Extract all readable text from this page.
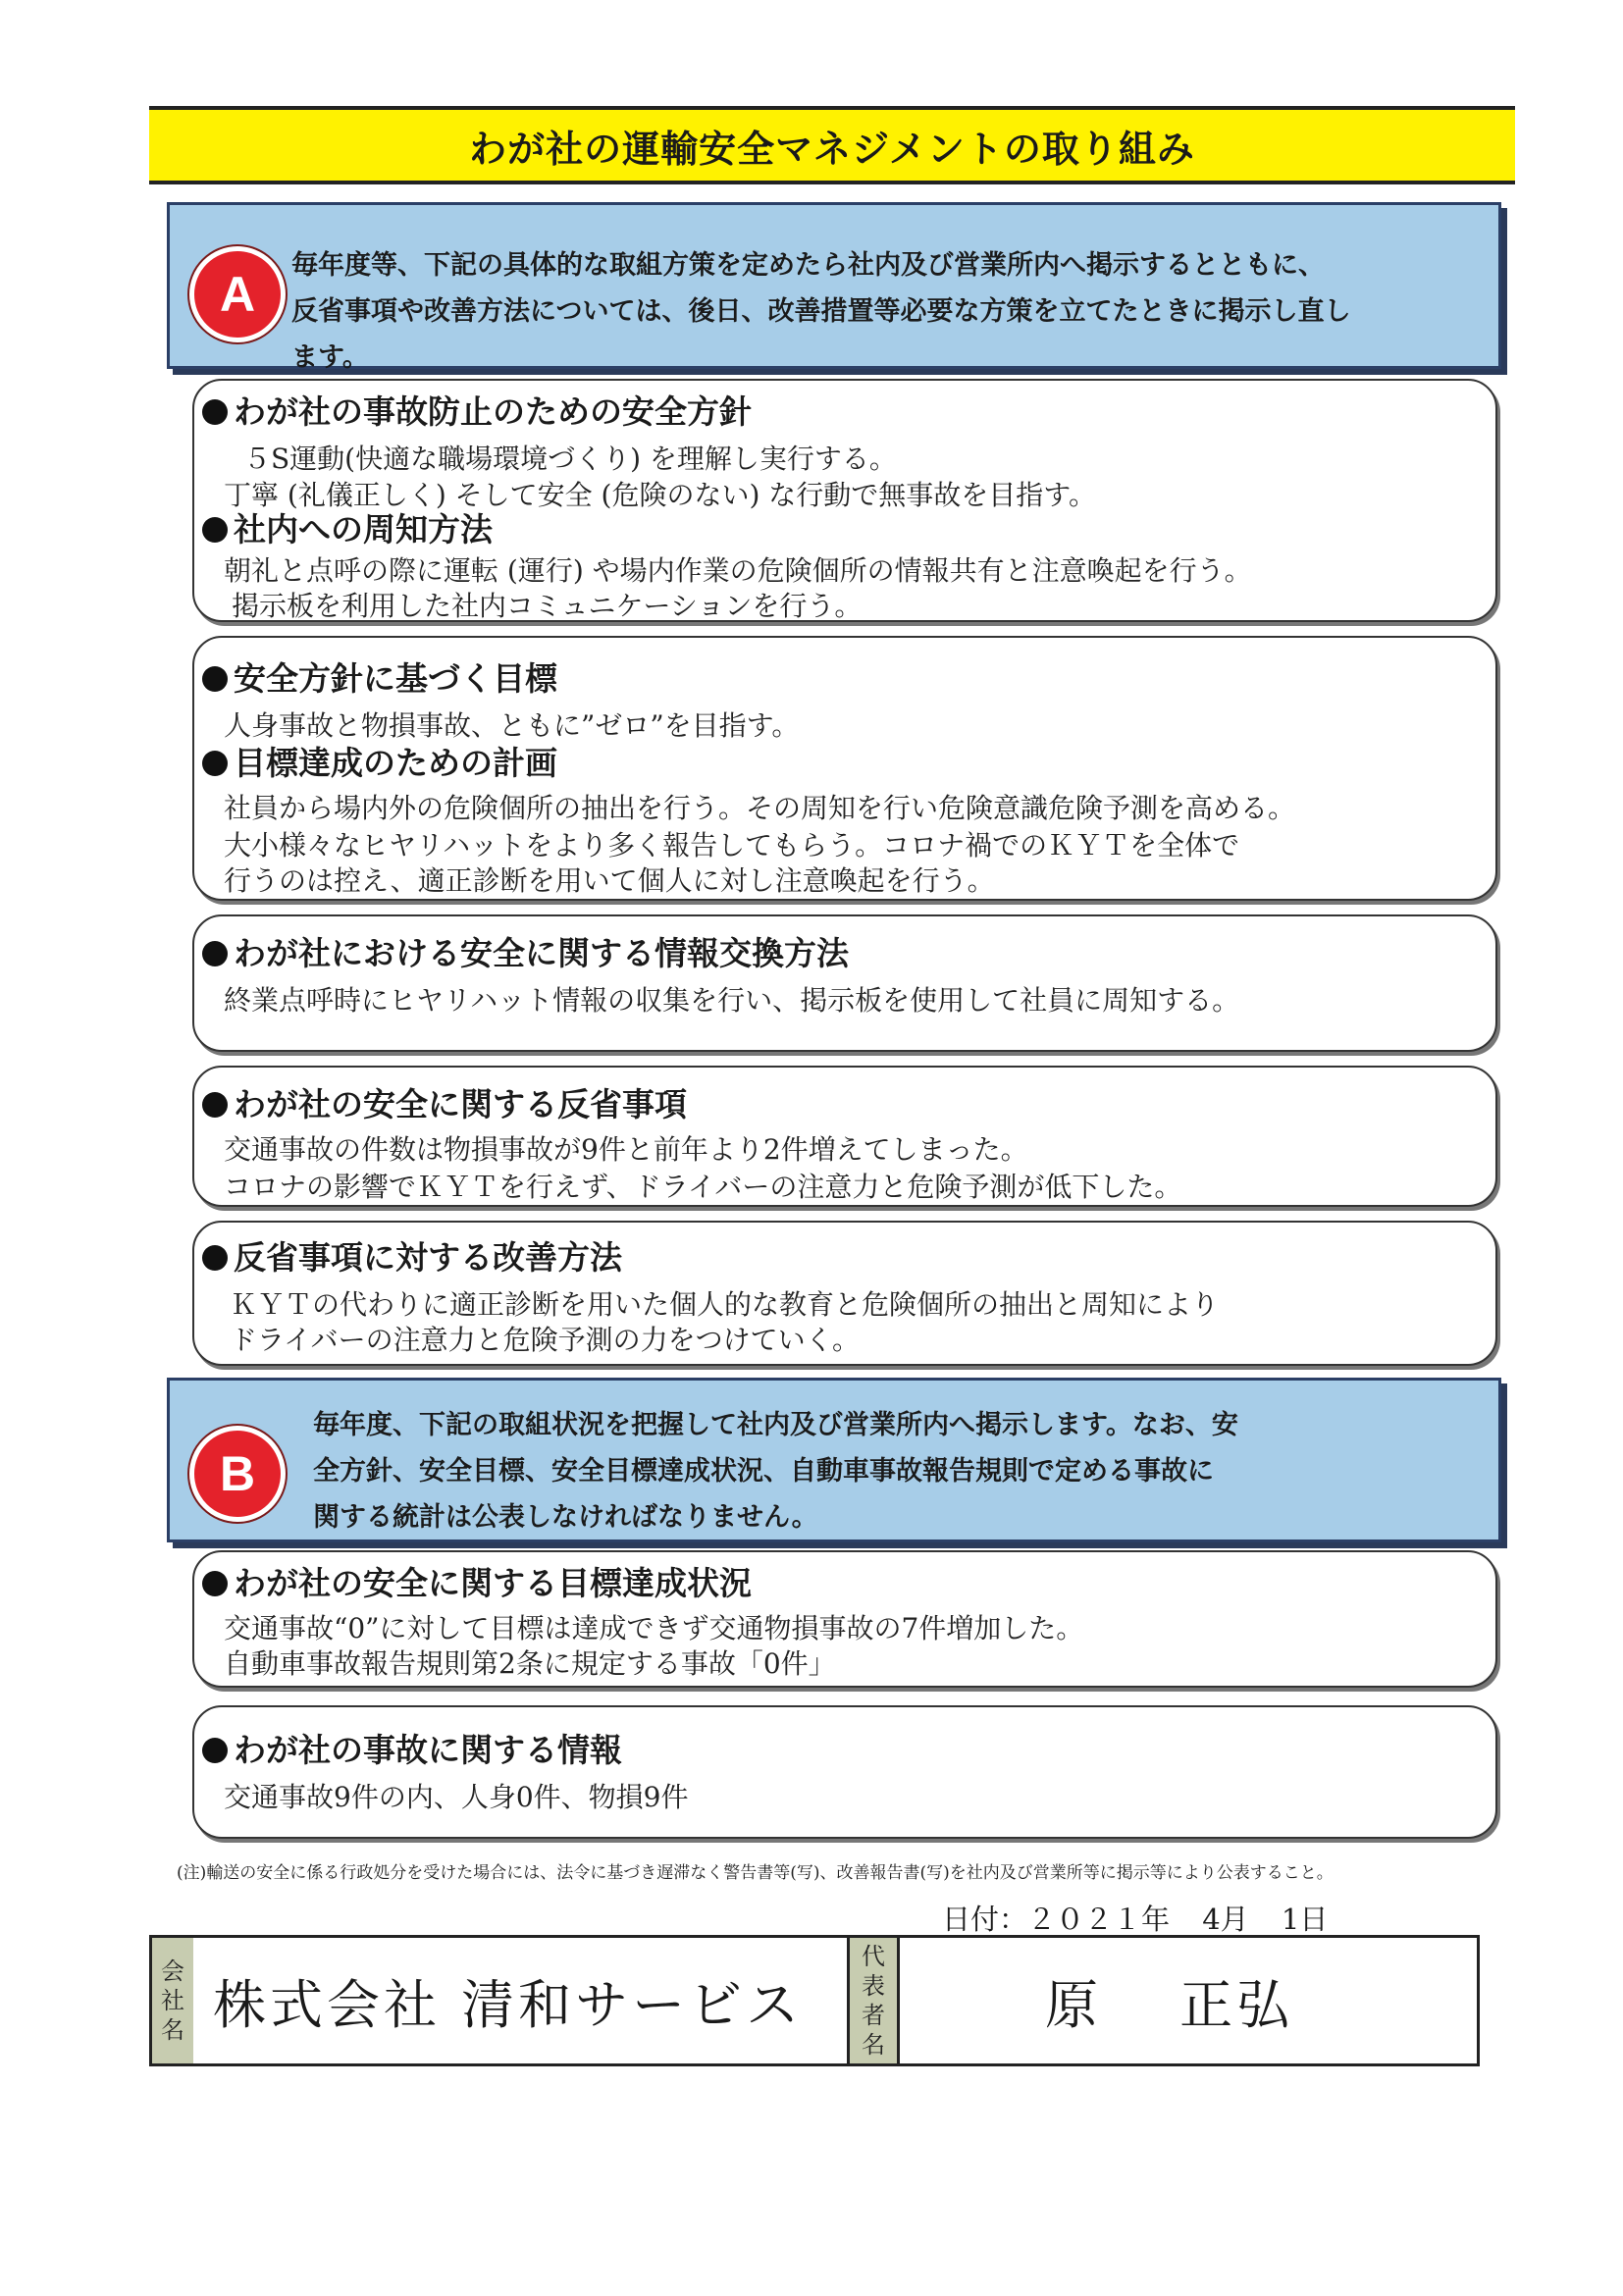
わが社の運輸安全マネジメントの取り組み
A
毎年度等、下記の具体的な取組方策を定めたら社内及び営業所内へ掲示するとともに、
反省事項や改善方法については、後日、改善措置等必要な方策を立てたときに掲示し直し
ます。
わが社の事故防止のための安全方針
５S運動(快適な職場環境づくり) を理解し実行する。
丁寧 (礼儀正しく) そして安全 (危険のない) な行動で無事故を目指す。
社内への周知方法
朝礼と点呼の際に運転 (運行) や場内作業の危険個所の情報共有と注意喚起を行う。
掲示板を利用した社内コミュニケーションを行う。
安全方針に基づく目標
人身事故と物損事故、ともに”ゼロ”を目指す。
目標達成のための計画
社員から場内外の危険個所の抽出を行う。その周知を行い危険意識危険予測を高める。
大小様々なヒヤリハットをより多く報告してもらう。コロナ禍でのＫＹＴを全体で
行うのは控え、適正診断を用いて個人に対し注意喚起を行う。
わが社における安全に関する情報交換方法
終業点呼時にヒヤリハット情報の収集を行い、掲示板を使用して社員に周知する。
わが社の安全に関する反省事項
交通事故の件数は物損事故が9件と前年より2件増えてしまった。
コロナの影響でＫＹＴを行えず、ドライバーの注意力と危険予測が低下した。
反省事項に対する改善方法
ＫＹＴの代わりに適正診断を用いた個人的な教育と危険個所の抽出と周知により
ドライバーの注意力と危険予測の力をつけていく。
B
毎年度、下記の取組状況を把握して社内及び営業所内へ掲示します。なお、安
全方針、安全目標、安全目標達成状況、自動車事故報告規則で定める事故に
関する統計は公表しなければなりません。
わが社の安全に関する目標達成状況
交通事故“0”に対して目標は達成できず交通物損事故の7件増加した。
自動車事故報告規則第2条に規定する事故「0件」
わが社の事故に関する情報
交通事故9件の内、人身0件、物損9件
(注)輸送の安全に係る行政処分を受けた場合には、法令に基づき遅滞なく警告書等(写)、改善報告書(写)を社内及び営業所等に掲示等により公表すること。
日付：２０２１年 4月 1日
会
社
名 株式会社 清和サービス
代
表
者
名
原　 正弘
